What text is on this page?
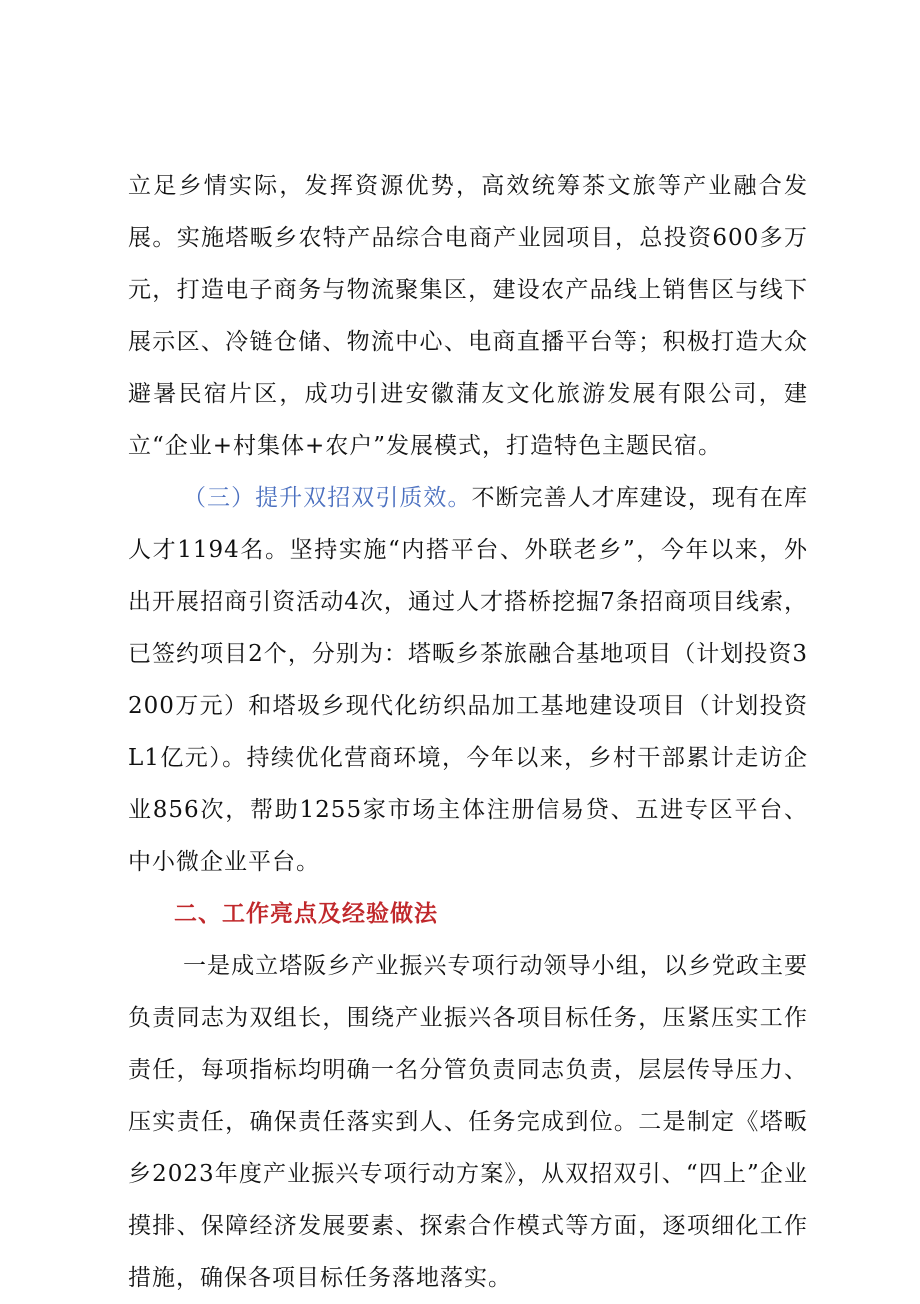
立足乡情实际，发挥资源优势，高效统筹茶文旅等产业融合发展。实施塔畈乡农特产品综合电商产业园项目，总投资600多万元，打造电子商务与物流聚集区，建设农产品线上销售区与线下展示区、冷链仓储、物流中心、电商直播平台等；积极打造大众避暑民宿片区，成功引进安徽蒲友文化旅游发展有限公司，建立“企业+村集体+农户”发展模式，打造特色主题民宿。

（三）提升双招双引质效。不断完善人才库建设，现有在库人才1194名。坚持实施“内搭平台、外联老乡”，今年以来，外出开展招商引资活动4次，通过人才搭桥挖掘7条招商项目线索，已签约项目2个，分别为：塔畈乡茶旅融合基地项目（计划投资3200万元）和塔圾乡现代化纺织品加工基地建设项目（计划投资L1亿元）。持续优化营商环境，今年以来，乡村干部累计走访企业856次，帮助1255家市场主体注册信易贷、五进专区平台、中小微企业平台。

二、工作亮点及经验做法

一是成立塔阪乡产业振兴专项行动领导小组，以乡党政主要负责同志为双组长，围绕产业振兴各项目标任务，压紧压实工作责任，每项指标均明确一名分管负责同志负责，层层传导压力、压实责任，确保责任落实到人、任务完成到位。二是制定《塔畈乡2023年度产业振兴专项行动方案》，从双招双引、“四上”企业摸排、保障经济发展要素、探索合作模式等方面，逐项细化工作措施，确保各项目标任务落地落实。
